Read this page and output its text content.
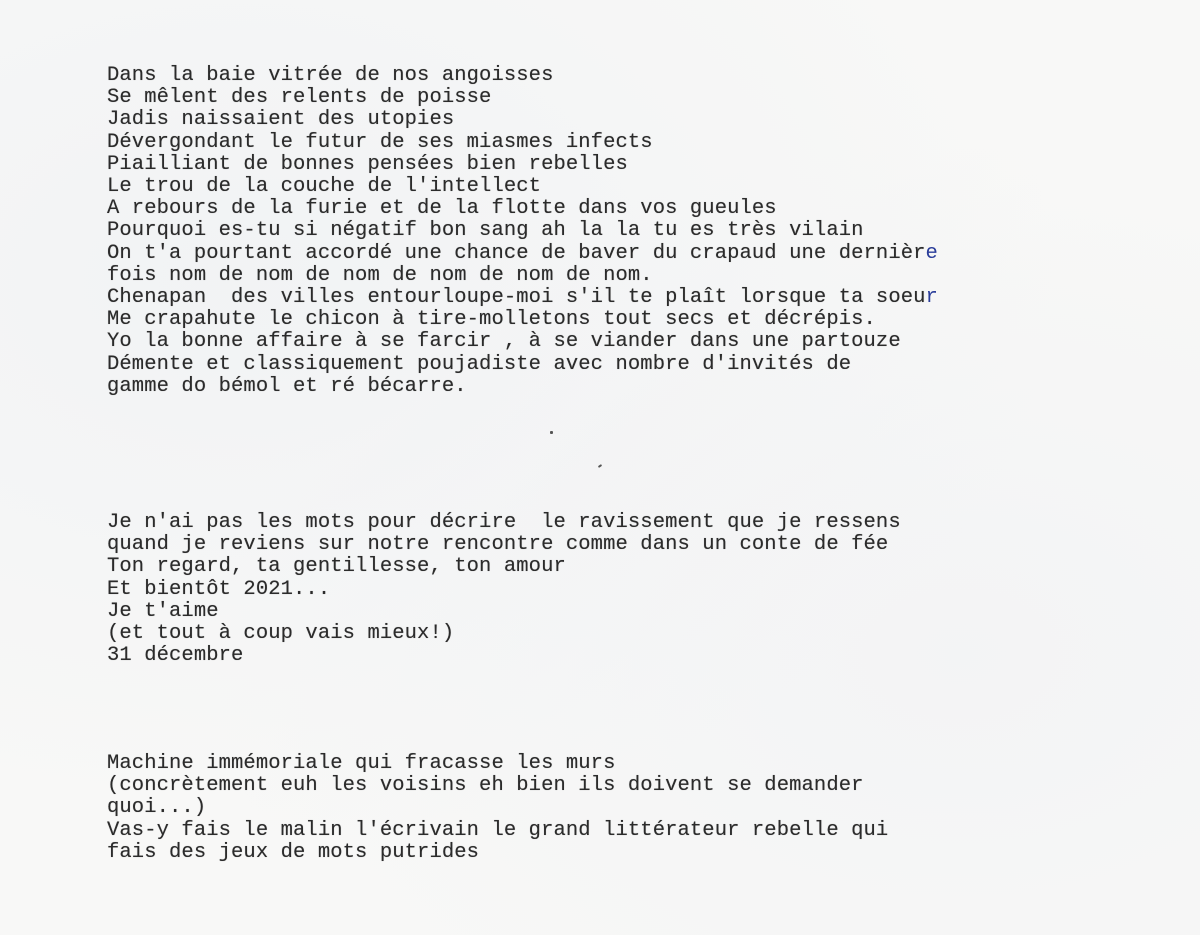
Dans la baie vitrée de nos angoisses
Se mêlent des relents de poisse
Jadis naissaient des utopies
Dévergondant le futur de ses miasmes infects
Piailliant de bonnes pensées bien rebelles
Le trou de la couche de l'intellect
A rebours de la furie et de la flotte dans vos gueules
Pourquoi es-tu si négatif bon sang ah la la tu es très vilain
On t'a pourtant accordé une chance de baver du crapaud une dernière
fois nom de nom de nom de nom de nom de nom.
Chenapan  des villes entourloupe-moi s'il te plaît lorsque ta soeur
Me crapahute le chicon à tire-molletons tout secs et décrépis.
Yo la bonne affaire à se farcir , à se viander dans une partouze
Démente et classiquement poujadiste avec nombre d'invités de
gamme do bémol et ré bécarre.
Je n'ai pas les mots pour décrire  le ravissement que je ressens
quand je reviens sur notre rencontre comme dans un conte de fée
Ton regard, ta gentillesse, ton amour
Et bientôt 2021...
Je t'aime
(et tout à coup vais mieux!)
31 décembre
Machine immémoriale qui fracasse les murs
(concrètement euh les voisins eh bien ils doivent se demander
quoi...)
Vas-y fais le malin l'écrivain le grand littérateur rebelle qui
fais des jeux de mots putrides
